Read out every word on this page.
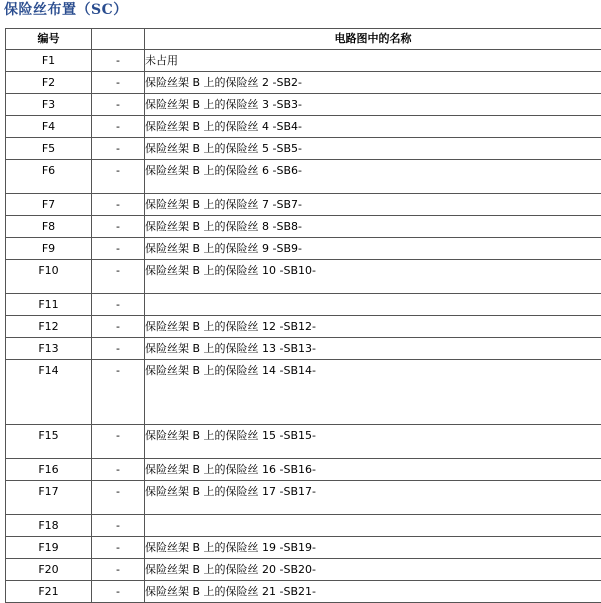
保险丝布置（SC）
编号		电路图中的名称
F1	-	未占用
F2	-	保险丝架 B 上的保险丝 2 -SB2-
F3	-	保险丝架 B 上的保险丝 3 -SB3-
F4	-	保险丝架 B 上的保险丝 4 -SB4-
F5	-	保险丝架 B 上的保险丝 5 -SB5-
F6	-	保险丝架 B 上的保险丝 6 -SB6-
F7	-	保险丝架 B 上的保险丝 7 -SB7-
F8	-	保险丝架 B 上的保险丝 8 -SB8-
F9	-	保险丝架 B 上的保险丝 9 -SB9-
F10	-	保险丝架 B 上的保险丝 10 -SB10-
F11	-	
F12	-	保险丝架 B 上的保险丝 12 -SB12-
F13	-	保险丝架 B 上的保险丝 13 -SB13-
F14	-	保险丝架 B 上的保险丝 14 -SB14-
F15	-	保险丝架 B 上的保险丝 15 -SB15-
F16	-	保险丝架 B 上的保险丝 16 -SB16-
F17	-	保险丝架 B 上的保险丝 17 -SB17-
F18	-	
F19	-	保险丝架 B 上的保险丝 19 -SB19-
F20	-	保险丝架 B 上的保险丝 20 -SB20-
F21	-	保险丝架 B 上的保险丝 21 -SB21-
